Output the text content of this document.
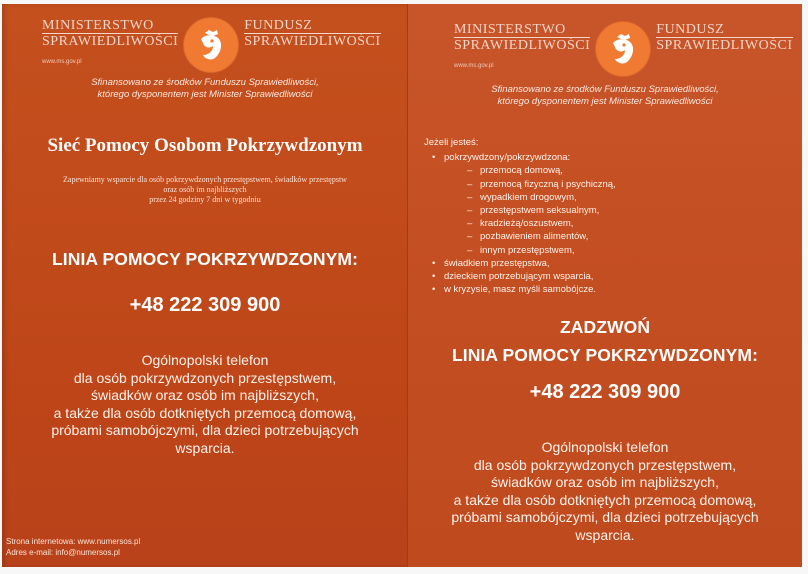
MINISTERSTWO
SPRAWIEDLIWOŚCI
www.ms.gov.pl
FUNDUSZ
SPRAWIEDLIWOŚCI
Sfinansowano ze środków Funduszu Sprawiedliwości,
którego dysponentem jest Minister Sprawiedliwości
Sieć Pomocy Osobom Pokrzywdzonym
Zapewniamy wsparcie dla osób pokrzywdzonych przestępstwem, świadków przestępstw
oraz osób im najbliższych
przez 24 godziny 7 dni w tygodniu
LINIA POMOCY POKRZYWDZONYM:
+48 222 309 900
Ogólnopolski telefon
dla osób pokrzywdzonych przestępstwem,
świadków oraz osób im najbliższych,
a także dla osób dotkniętych przemocą domową,
próbami samobójczymi, dla dzieci potrzebujących
wsparcia.
Strona internetowa: www.numersos.pl
Adres e-mail: info@numersos.pl
MINISTERSTWO
SPRAWIEDLIWOŚCI
www.ms.gov.pl
FUNDUSZ
SPRAWIEDLIWOŚCI
Sfinansowano ze środków Funduszu Sprawiedliwości,
którego dysponentem jest Minister Sprawiedliwości
Jeżeli jesteś:
• pokrzywdzony/pokrzywdzona:
– przemocą domową,
– przemocą fizyczną i psychiczną,
– wypadkiem drogowym,
– przestępstwem seksualnym,
– kradzieżą/oszustwem,
– pozbawieniem alimentów,
– innym przestępstwem,
• świadkiem przestępstwa,
• dzieckiem potrzebującym wsparcia,
• w kryzysie, masz myśli samobójcze.
ZADZWOŃ
LINIA POMOCY POKRZYWDZONYM:
+48 222 309 900
Ogólnopolski telefon
dla osób pokrzywdzonych przestępstwem,
świadków oraz osób im najbliższych,
a także dla osób dotkniętych przemocą domową,
próbami samobójczymi, dla dzieci potrzebujących
wsparcia.
